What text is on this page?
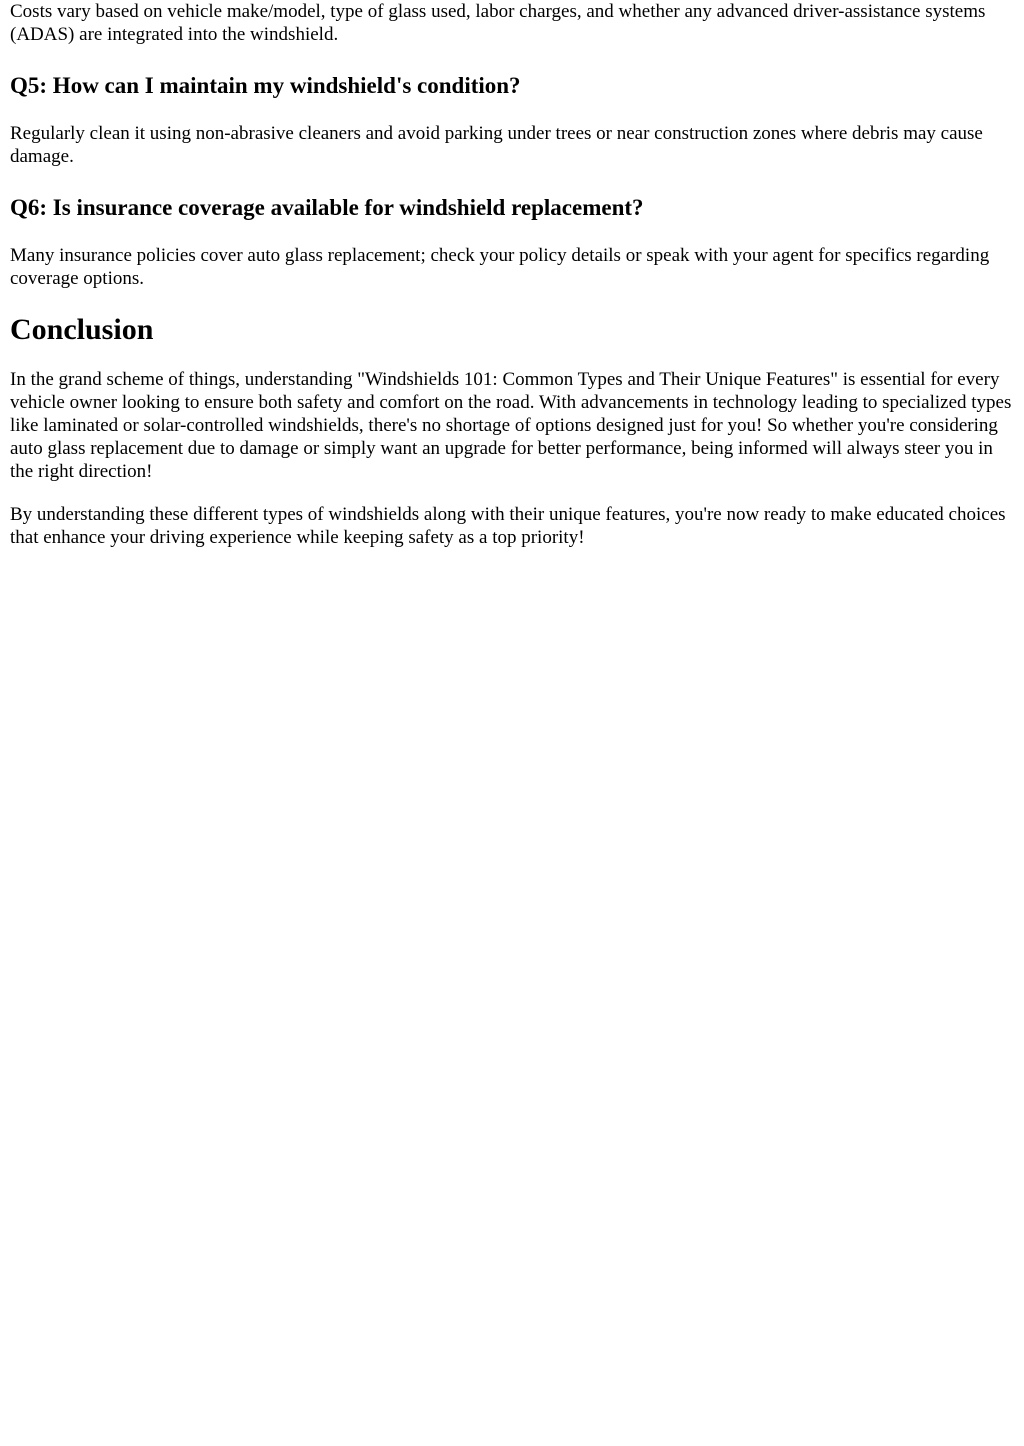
Costs vary based on vehicle make/model, type of glass used, labor charges, and whether any advanced driver-assistance systems (ADAS) are integrated into the windshield.

Q5: How can I maintain my windshield's condition?

Regularly clean it using non-abrasive cleaners and avoid parking under trees or near construction zones where debris may cause damage.

Q6: Is insurance coverage available for windshield replacement?

Many insurance policies cover auto glass replacement; check your policy details or speak with your agent for specifics regarding coverage options.

Conclusion

In the grand scheme of things, understanding "Windshields 101: Common Types and Their Unique Features" is essential for every vehicle owner looking to ensure both safety and comfort on the road. With advancements in technology leading to specialized types like laminated or solar-controlled windshields, there's no shortage of options designed just for you! So whether you're considering auto glass replacement due to damage or simply want an upgrade for better performance, being informed will always steer you in the right direction!

By understanding these different types of windshields along with their unique features, you're now ready to make educated choices that enhance your driving experience while keeping safety as a top priority!
